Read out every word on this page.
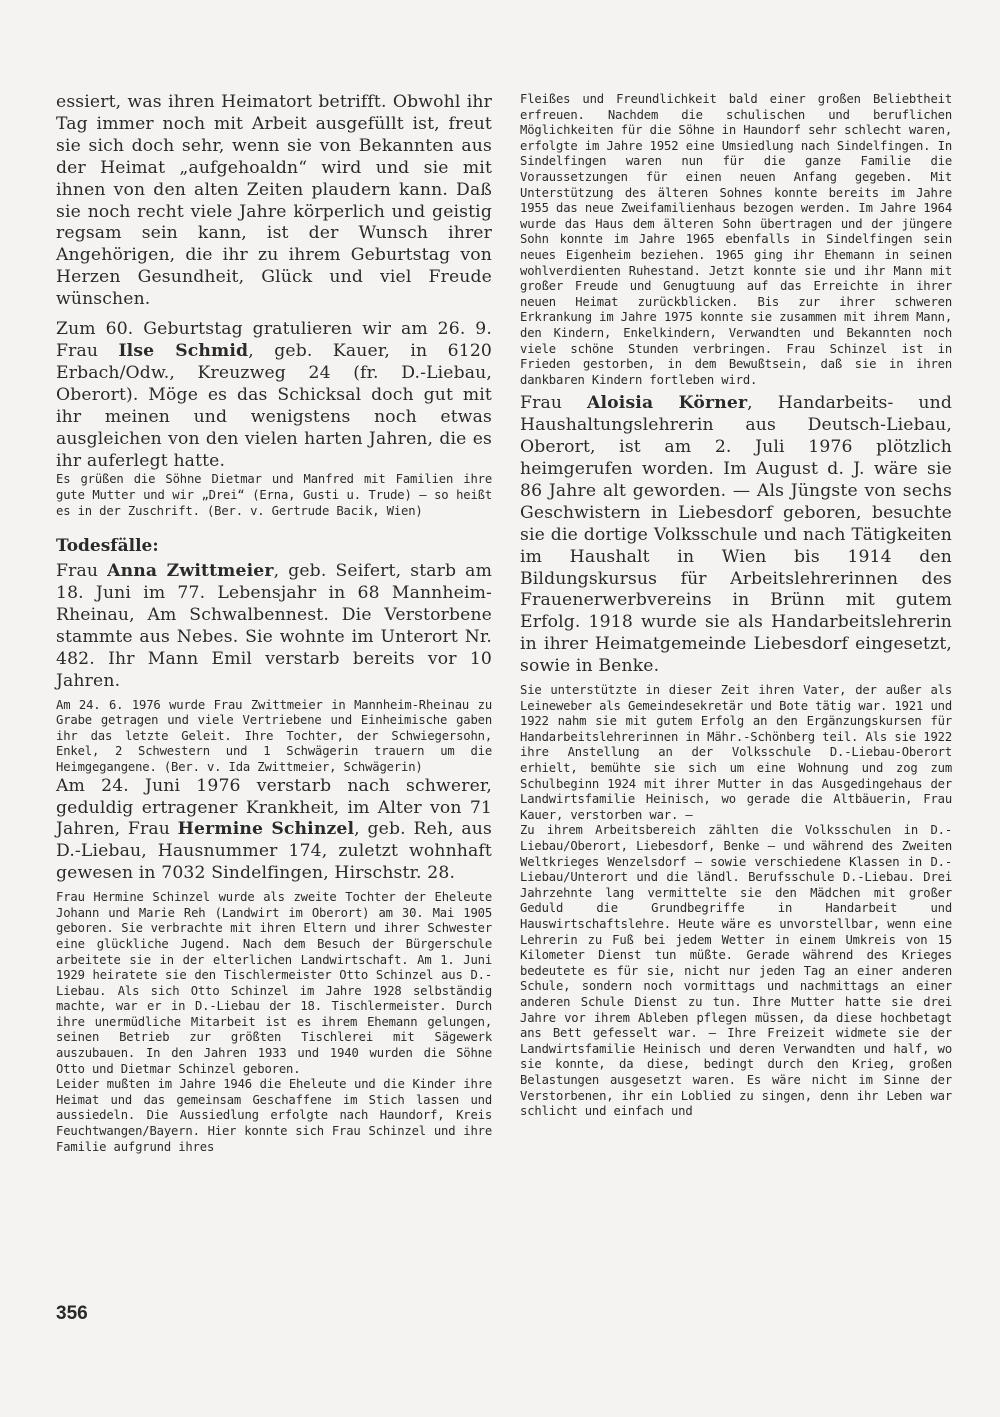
essiert, was ihren Heimatort betrifft. Obwohl ihr Tag immer noch mit Arbeit ausgefüllt ist, freut sie sich doch sehr, wenn sie von Bekannten aus der Heimat „aufgehoaldn“ wird und sie mit ihnen von den alten Zeiten plaudern kann. Daß sie noch recht viele Jahre körperlich und geistig regsam sein kann, ist der Wunsch ihrer Angehörigen, die ihr zu ihrem Geburtstag von Herzen Gesundheit, Glück und viel Freude wünschen.

Zum 60. Geburtstag gratulieren wir am 26. 9. Frau Ilse Schmid, geb. Kauer, in 6120 Erbach/Odw., Kreuzweg 24 (fr. D.-Liebau, Oberort). Möge es das Schicksal doch gut mit ihr meinen und wenigstens noch etwas ausgleichen von den vielen harten Jahren, die es ihr auferlegt hatte.

Es grüßen die Söhne Dietmar und Manfred mit Familien ihre gute Mutter und wir „Drei“ (Erna, Gusti u. Trude) — so heißt es in der Zuschrift. (Ber. v. Gertrude Bacik, Wien)

Todesfälle:

Frau Anna Zwittmeier, geb. Seifert, starb am 18. Juni im 77. Lebensjahr in 68 Mannheim-Rheinau, Am Schwalbennest. Die Verstorbene stammte aus Nebes. Sie wohnte im Unterort Nr. 482. Ihr Mann Emil verstarb bereits vor 10 Jahren.

Am 24. 6. 1976 wurde Frau Zwittmeier in Mannheim-Rheinau zu Grabe getragen und viele Vertriebene und Einheimische gaben ihr das letzte Geleit. Ihre Tochter, der Schwiegersohn, Enkel, 2 Schwestern und 1 Schwägerin trauern um die Heimgegangene. (Ber. v. Ida Zwittmeier, Schwägerin)

Am 24. Juni 1976 verstarb nach schwerer, geduldig ertragener Krankheit, im Alter von 71 Jahren, Frau Hermine Schinzel, geb. Reh, aus D.-Liebau, Hausnummer 174, zuletzt wohnhaft gewesen in 7032 Sindelfingen, Hirschstr. 28.

Frau Hermine Schinzel wurde als zweite Tochter der Eheleute Johann und Marie Reh (Landwirt im Oberort) am 30. Mai 1905 geboren. Sie verbrachte mit ihren Eltern und ihrer Schwester eine glückliche Jugend. Nach dem Besuch der Bürgerschule arbeitete sie in der elterlichen Landwirtschaft. Am 1. Juni 1929 heiratete sie den Tischlermeister Otto Schinzel aus D.-Liebau. Als sich Otto Schinzel im Jahre 1928 selbständig machte, war er in D.-Liebau der 18. Tischlermeister. Durch ihre unermüdliche Mitarbeit ist es ihrem Ehemann gelungen, seinen Betrieb zur größten Tischlerei mit Sägewerk auszubauen. In den Jahren 1933 und 1940 wurden die Söhne Otto und Dietmar Schinzel geboren.

Leider mußten im Jahre 1946 die Eheleute und die Kinder ihre Heimat und das gemeinsam Geschaffene im Stich lassen und aussiedeln. Die Aussiedlung erfolgte nach Haundorf, Kreis Feuchtwangen/Bayern. Hier konnte sich Frau Schinzel und ihre Familie aufgrund ihres

Fleißes und Freundlichkeit bald einer großen Beliebtheit erfreuen. Nachdem die schulischen und beruflichen Möglichkeiten für die Söhne in Haundorf sehr schlecht waren, erfolgte im Jahre 1952 eine Umsiedlung nach Sindelfingen. In Sindelfingen waren nun für die ganze Familie die Voraussetzungen für einen neuen Anfang gegeben. Mit Unterstützung des älteren Sohnes konnte bereits im Jahre 1955 das neue Zweifamilienhaus bezogen werden. Im Jahre 1964 wurde das Haus dem älteren Sohn übertragen und der jüngere Sohn konnte im Jahre 1965 ebenfalls in Sindelfingen sein neues Eigenheim beziehen. 1965 ging ihr Ehemann in seinen wohlverdienten Ruhestand. Jetzt konnte sie und ihr Mann mit großer Freude und Genugtuung auf das Erreichte in ihrer neuen Heimat zurückblicken. Bis zur ihrer schweren Erkrankung im Jahre 1975 konnte sie zusammen mit ihrem Mann, den Kindern, Enkelkindern, Verwandten und Bekannten noch viele schöne Stunden verbringen. Frau Schinzel ist in Frieden gestorben, in dem Bewußtsein, daß sie in ihren dankbaren Kindern fortleben wird.

Frau Aloisia Körner, Handarbeits- und Haushaltungslehrerin aus Deutsch-Liebau, Oberort, ist am 2. Juli 1976 plötzlich heimgerufen worden. Im August d. J. wäre sie 86 Jahre alt geworden. — Als Jüngste von sechs Geschwistern in Liebesdorf geboren, besuchte sie die dortige Volksschule und nach Tätigkeiten im Haushalt in Wien bis 1914 den Bildungskursus für Arbeitslehrerinnen des Frauenerwerbvereins in Brünn mit gutem Erfolg. 1918 wurde sie als Handarbeitslehrerin in ihrer Heimatgemeinde Liebesdorf eingesetzt, sowie in Benke.

Sie unterstützte in dieser Zeit ihren Vater, der außer als Leineweber als Gemeindesekretär und Bote tätig war. 1921 und 1922 nahm sie mit gutem Erfolg an den Ergänzungskursen für Handarbeitslehrerinnen in Mähr.-Schönberg teil. Als sie 1922 ihre Anstellung an der Volksschule D.-Liebau-Oberort erhielt, bemühte sie sich um eine Wohnung und zog zum Schulbeginn 1924 mit ihrer Mutter in das Ausgedingehaus der Landwirtsfamilie Heinisch, wo gerade die Altbäuerin, Frau Kauer, verstorben war. —

Zu ihrem Arbeitsbereich zählten die Volksschulen in D.-Liebau/Oberort, Liebesdorf, Benke — und während des Zweiten Weltkrieges Wenzelsdorf — sowie verschiedene Klassen in D.-Liebau/Unterort und die ländl. Berufsschule D.-Liebau. Drei Jahrzehnte lang vermittelte sie den Mädchen mit großer Geduld die Grundbegriffe in Handarbeit und Hauswirtschaftslehre. Heute wäre es unvorstellbar, wenn eine Lehrerin zu Fuß bei jedem Wetter in einem Umkreis von 15 Kilometer Dienst tun müßte. Gerade während des Krieges bedeutete es für sie, nicht nur jeden Tag an einer anderen Schule, sondern noch vormittags und nachmittags an einer anderen Schule Dienst zu tun. Ihre Mutter hatte sie drei Jahre vor ihrem Ableben pflegen müssen, da diese hochbetagt ans Bett gefesselt war. — Ihre Freizeit widmete sie der Landwirtsfamilie Heinisch und deren Verwandten und half, wo sie konnte, da diese, bedingt durch den Krieg, großen Belastungen ausgesetzt waren. Es wäre nicht im Sinne der Verstorbenen, ihr ein Loblied zu singen, denn ihr Leben war schlicht und einfach und

356
